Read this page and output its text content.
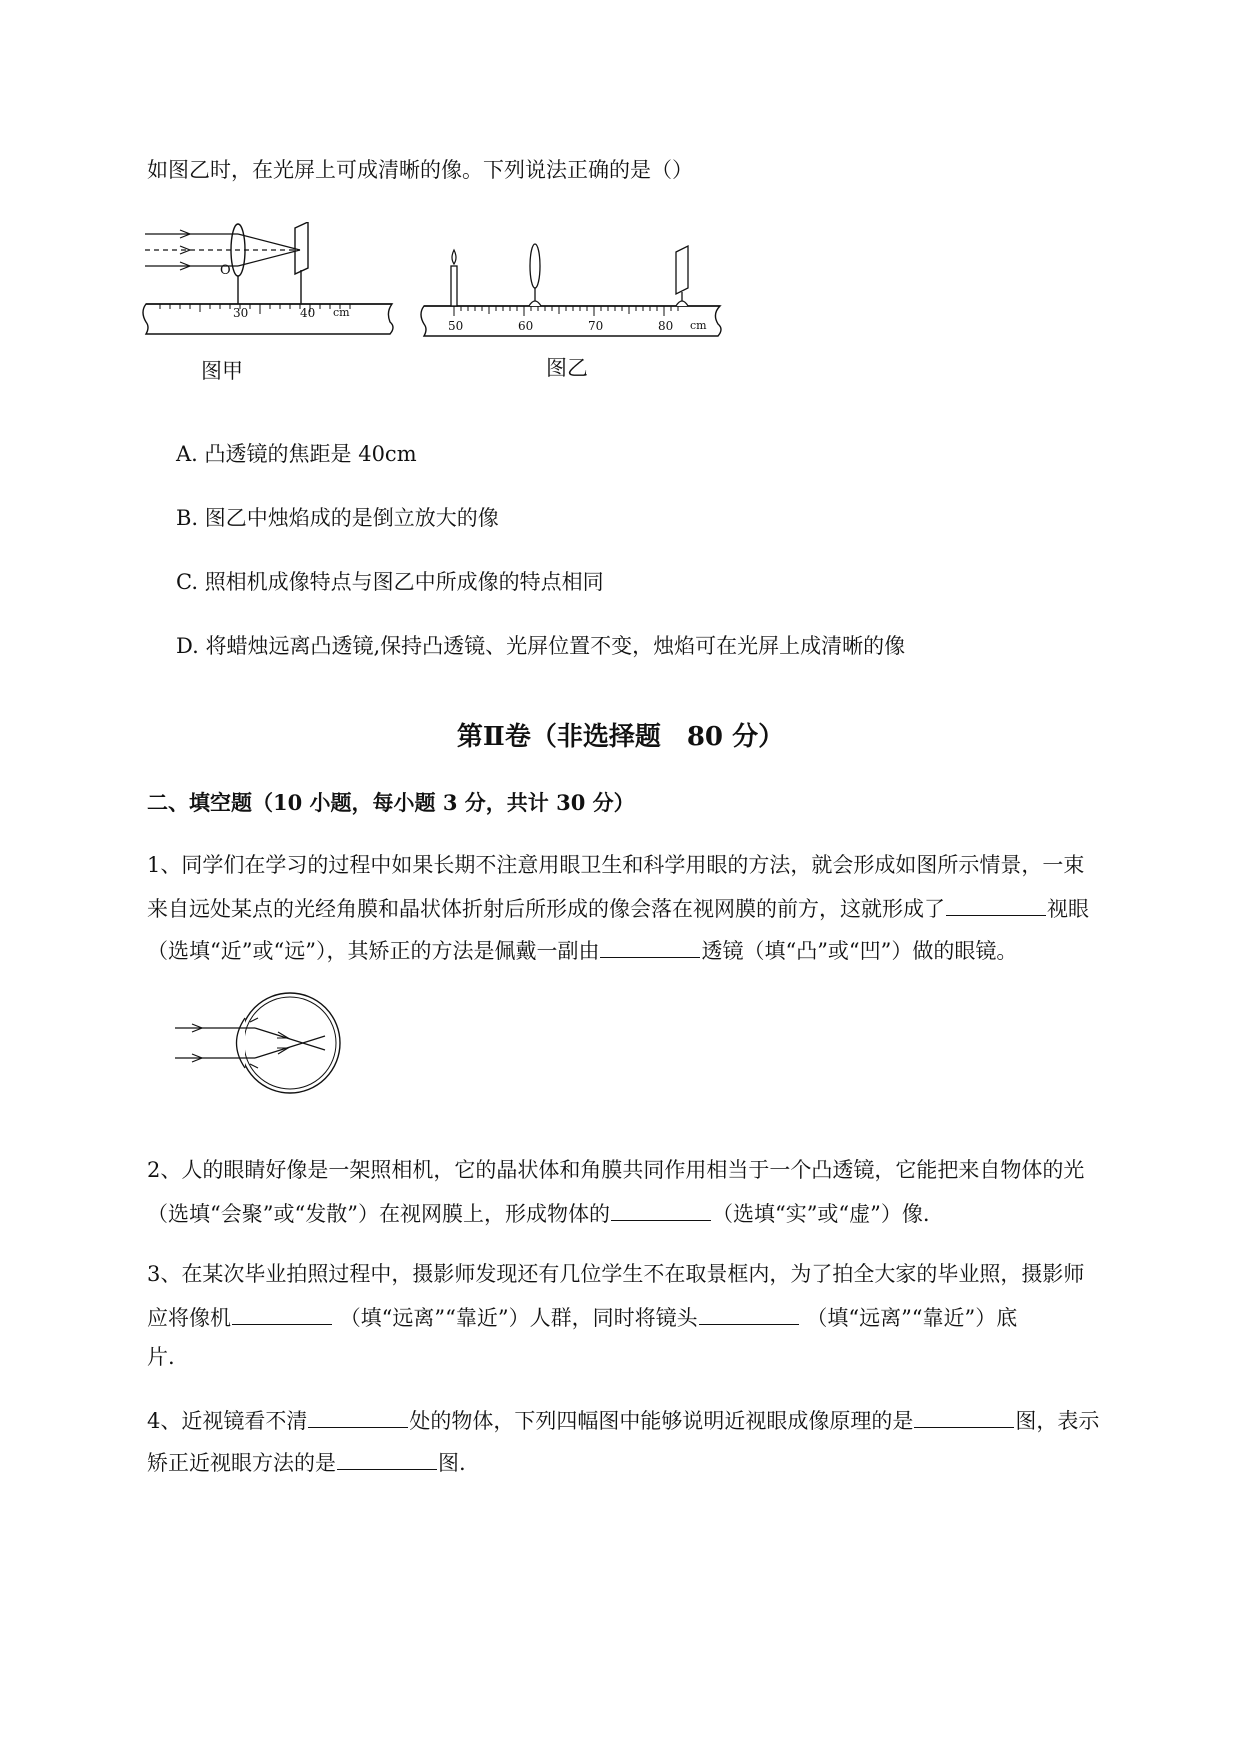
如图乙时，在光屏上可成清晰的像。下列说法正确的是（）
30	40 cm
O
图甲
50	60	70	80 cm
图乙
A. 凸透镜的焦距是 40cm
B. 图乙中烛焰成的是倒立放大的像
C. 照相机成像特点与图乙中所成像的特点相同
D. 将蜡烛远离凸透镜,保持凸透镜、光屏位置不变，烛焰可在光屏上成清晰的像
第Ⅱ卷（非选择题　80 分）
二、填空题（10 小题，每小题 3 分，共计 30 分）
1、同学们在学习的过程中如果长期不注意用眼卫生和科学用眼的方法，就会形成如图所示情景，一束
来自远处某点的光经角膜和晶状体折射后所形成的像会落在视网膜的前方，这就形成了	视眼
（选填“近”或“远”），其矫正的方法是佩戴一副由	透镜（填“凸”或“凹”）做的眼镜。
2、人的眼睛好像是一架照相机，它的晶状体和角膜共同作用相当于一个凸透镜，它能把来自物体的光
（选填“会聚”或“发散”）在视网膜上，形成物体的	（选填“实”或“虚”）像.
3、在某次毕业拍照过程中，摄影师发现还有几位学生不在取景框内，为了拍全大家的毕业照，摄影师
应将像机	（填“远离”“靠近”）人群，同时将镜头	（填“远离”“靠近”）底
片.
4、近视镜看不清	处的物体，下列四幅图中能够说明近视眼成像原理的是	图，表示
矫正近视眼方法的是	图.
